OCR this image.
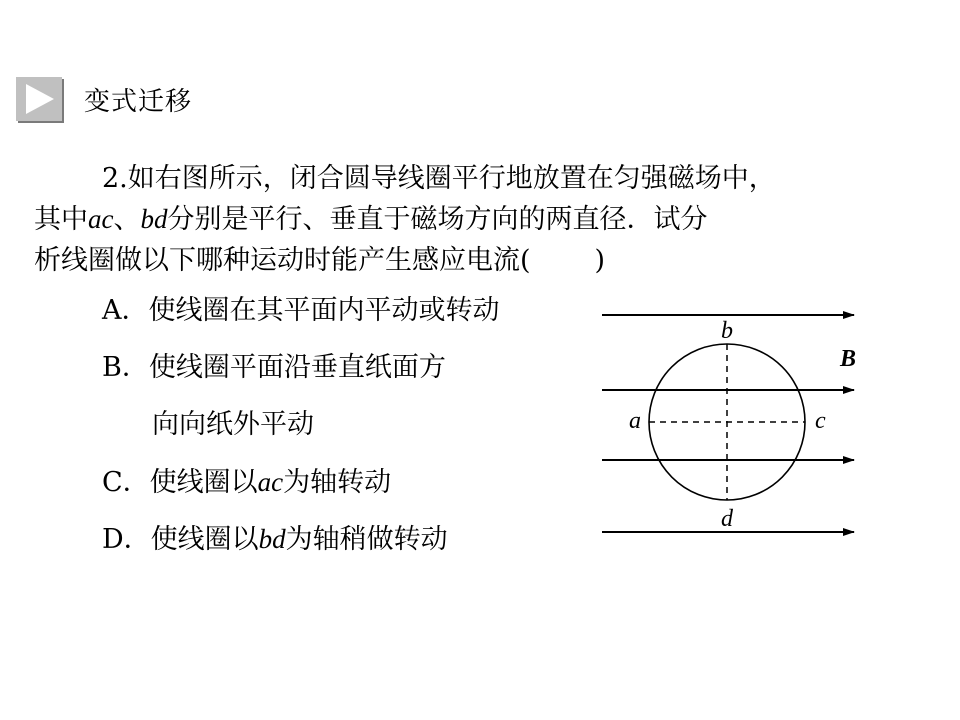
变式迁移
2.如右图所示，闭合圆导线圈平行地放置在匀强磁场中，
其中ac、bd分别是平行、垂直于磁场方向的两直径．试分
析线圈做以下哪种运动时能产生感应电流( )
A．使线圈在其平面内平动或转动
B．使线圈平面沿垂直纸面方
向向纸外平动
C．使线圈以ac为轴转动
D．使线圈以bd为轴稍做转动
b
B
a	c
d
